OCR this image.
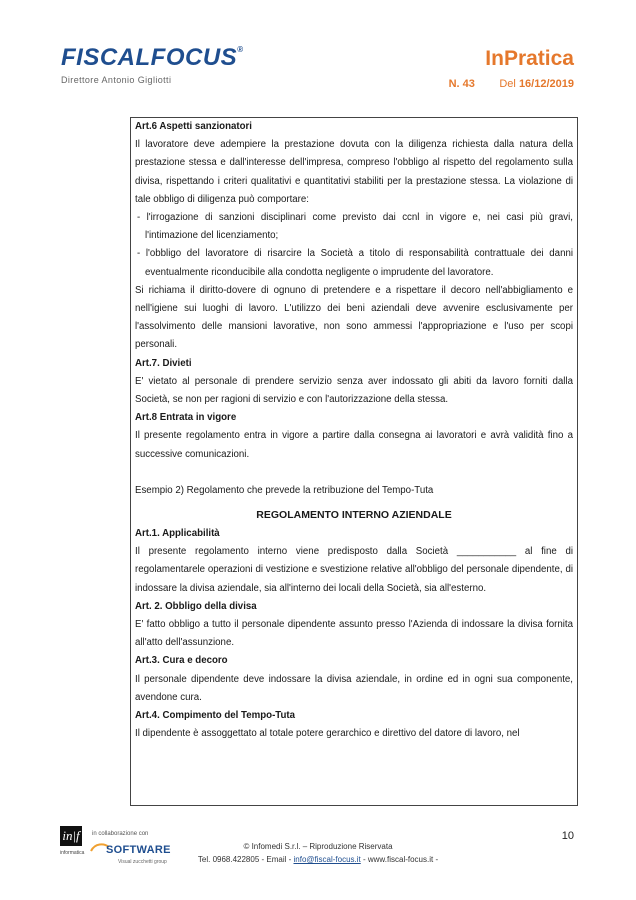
FISCALFOCUS®
Direttore Antonio Gigliotti
InPratica
N. 43 Del 16/12/2019

Art.6 Aspetti sanzionatori

Il lavoratore deve adempiere la prestazione dovuta con la diligenza richiesta dalla natura della prestazione stessa e dall'interesse dell'impresa, compreso l'obbligo al rispetto del regolamento sulla divisa, rispettando i criteri qualitativi e quantitativi stabiliti per la prestazione stessa. La violazione di tale obbligo di diligenza può comportare:

- l'irrogazione di sanzioni disciplinari come previsto dai ccnl in vigore e, nei casi più gravi, l'intimazione del licenziamento;

- l'obbligo del lavoratore di risarcire la Società a titolo di responsabilità contrattuale dei danni eventualmente riconducibile alla condotta negligente o imprudente del lavoratore.

Si richiama il diritto-dovere di ognuno di pretendere e a rispettare il decoro nell'abbigliamento e nell'igiene sui luoghi di lavoro. L'utilizzo dei beni aziendali deve avvenire esclusivamente per l'assolvimento delle mansioni lavorative, non sono ammessi l'appropriazione e l'uso per scopi personali.

Art.7. Divieti

E' vietato al personale di prendere servizio senza aver indossato gli abiti da lavoro forniti dalla Società, se non per ragioni di servizio e con l'autorizzazione della stessa.

Art.8 Entrata in vigore

Il presente regolamento entra in vigore a partire dalla consegna ai lavoratori e avrà validità fino a successive comunicazioni.

Esempio 2) Regolamento che prevede la retribuzione del Tempo-Tuta

REGOLAMENTO INTERNO AZIENDALE

Art.1. Applicabilità

Il presente regolamento interno viene predisposto dalla Società ___________ al fine di regolamentarele operazioni di vestizione e svestizione relative all'obbligo del personale dipendente, di indossare la divisa aziendale, sia all'interno dei locali della Società, sia all'esterno.

Art. 2. Obbligo della divisa

E' fatto obbligo a tutto il personale dipendente assunto presso l'Azienda di indossare la divisa fornita all'atto dell'assunzione.

Art.3. Cura e decoro

Il personale dipendente deve indossare la divisa aziendale, in ordine ed in ogni sua componente, avendone cura.

Art.4. Compimento del Tempo-Tuta

Il dipendente è assoggettato al totale potere gerarchico e direttivo del datore di lavoro, nel

in|f
informatica
in collaborazione con
SOFTWARE
Visual zucchetti group
© Infomedi S.r.l. – Riproduzione Riservata
Tel. 0968.422805 - Email - info@fiscal-focus.it - www.fiscal-focus.it -
10
